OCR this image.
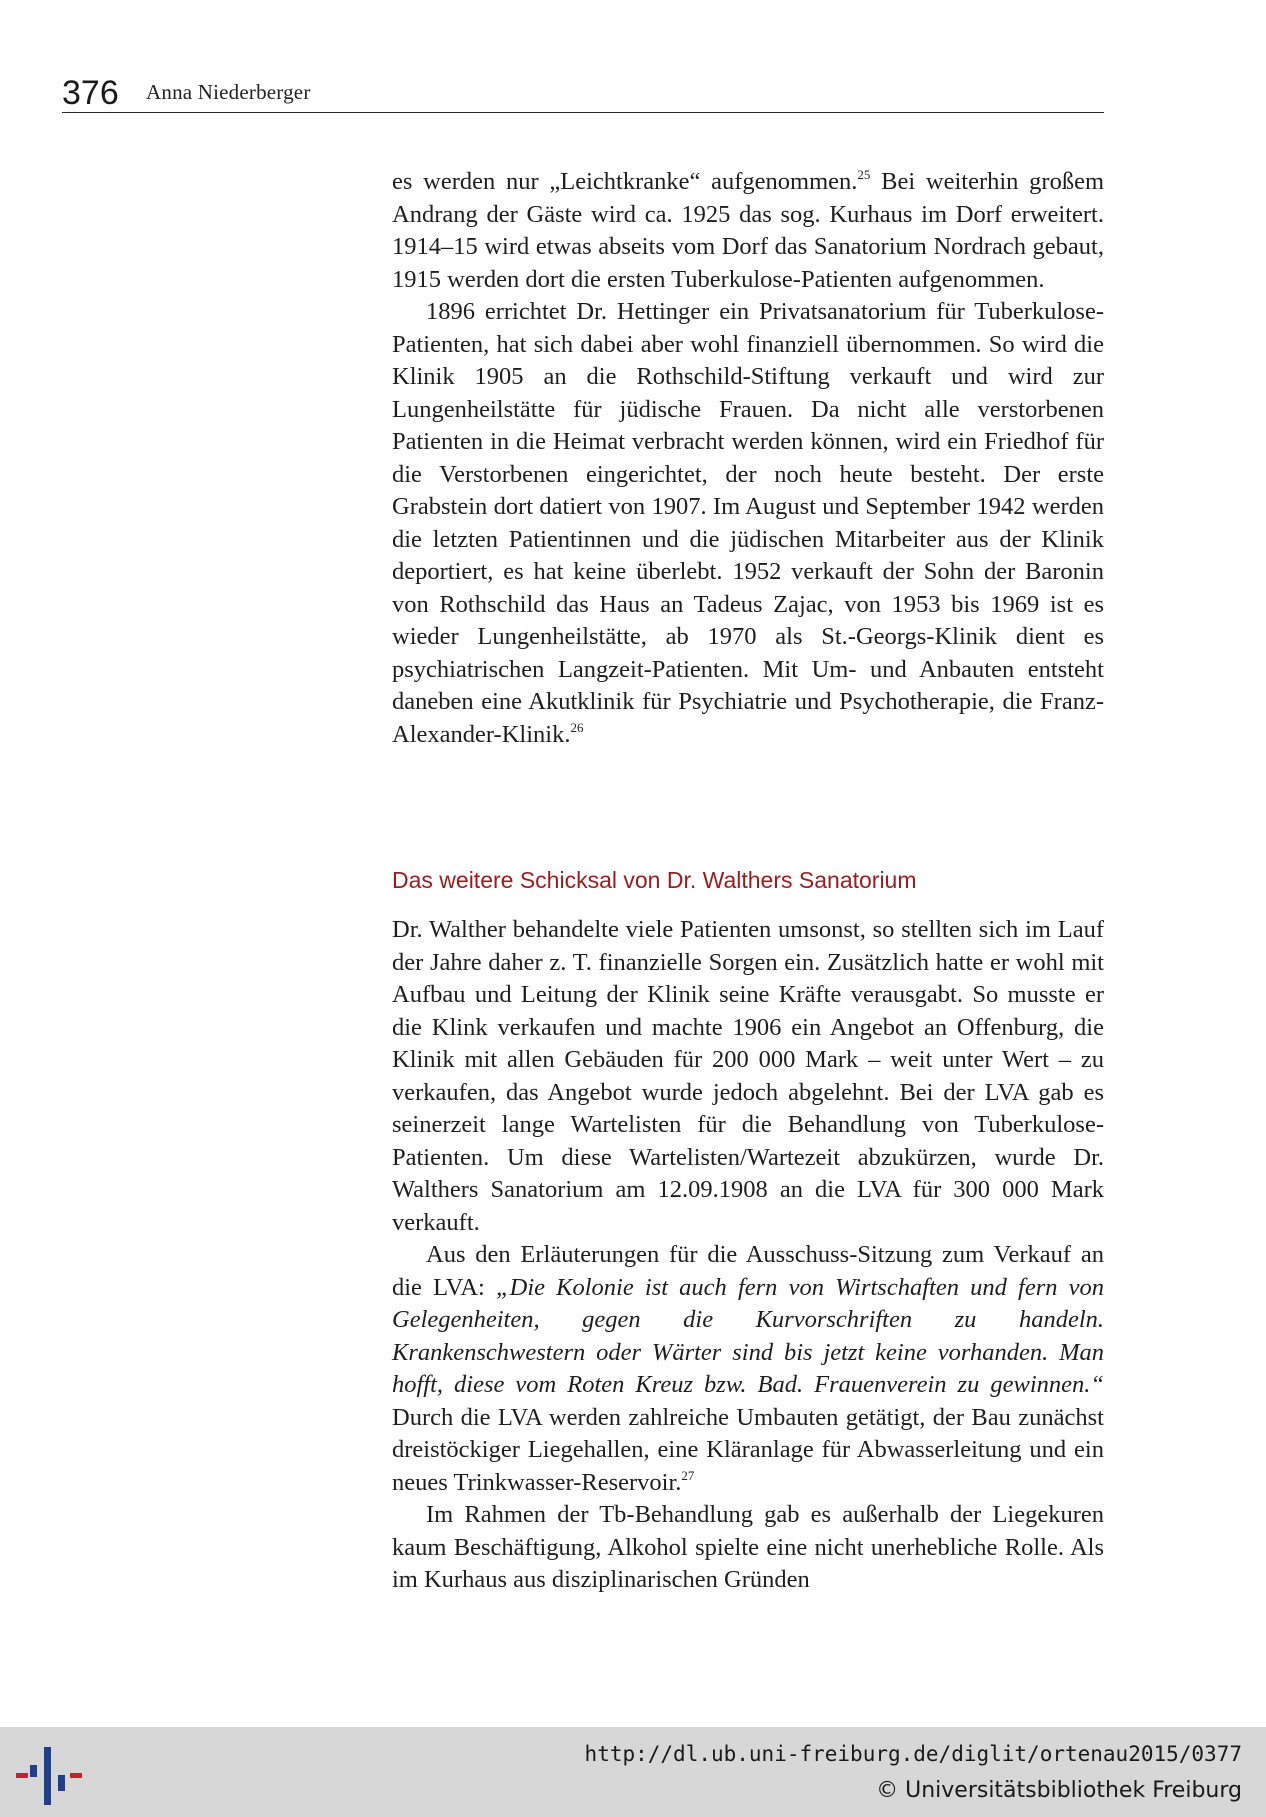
376 Anna Niederberger

es werden nur „Leichtkranke“ aufgenommen.$^{25}$ Bei weiterhin großem Andrang der Gäste wird ca. 1925 das sog. Kurhaus im Dorf erweitert. 1914–15 wird etwas abseits vom Dorf das Sanatorium Nordrach gebaut, 1915 werden dort die ersten Tuberkulose-Patienten aufgenommen.

1896 errichtet Dr. Hettinger ein Privatsanatorium für Tuberkulose-Patienten, hat sich dabei aber wohl finanziell übernommen. So wird die Klinik 1905 an die Rothschild-Stiftung verkauft und wird zur Lungenheilstätte für jüdische Frauen. Da nicht alle verstorbenen Patienten in die Heimat verbracht werden können, wird ein Friedhof für die Verstorbenen eingerichtet, der noch heute besteht. Der erste Grabstein dort datiert von 1907. Im August und September 1942 werden die letzten Patientinnen und die jüdischen Mitarbeiter aus der Klinik deportiert, es hat keine überlebt. 1952 verkauft der Sohn der Baronin von Rothschild das Haus an Tadeus Zajac, von 1953 bis 1969 ist es wieder Lungenheilstätte, ab 1970 als St.-Georgs-Klinik dient es psychiatrischen Langzeit-Patienten. Mit Um- und Anbauten entsteht daneben eine Akutklinik für Psychiatrie und Psychotherapie, die Franz-Alexander-Klinik.$^{26}$

Das weitere Schicksal von Dr. Walthers Sanatorium

Dr. Walther behandelte viele Patienten umsonst, so stellten sich im Lauf der Jahre daher z. T. finanzielle Sorgen ein. Zusätzlich hatte er wohl mit Aufbau und Leitung der Klinik seine Kräfte verausgabt. So musste er die Klink verkaufen und machte 1906 ein Angebot an Offenburg, die Klinik mit allen Gebäuden für 200 000 Mark – weit unter Wert – zu verkaufen, das Angebot wurde jedoch abgelehnt. Bei der LVA gab es seinerzeit lange Wartelisten für die Behandlung von Tuberkulose-Patienten. Um diese Wartelisten/Wartezeit abzukürzen, wurde Dr. Walthers Sanatorium am 12.09.1908 an die LVA für 300 000 Mark verkauft.

Aus den Erläuterungen für die Ausschuss-Sitzung zum Verkauf an die LVA: „Die Kolonie ist auch fern von Wirtschaften und fern von Gelegenheiten, gegen die Kurvorschriften zu handeln. Krankenschwestern oder Wärter sind bis jetzt keine vorhanden. Man hofft, diese vom Roten Kreuz bzw. Bad. Frauenverein zu gewinnen.“ Durch die LVA werden zahlreiche Umbauten getätigt, der Bau zunächst dreistöckiger Liegehallen, eine Kläranlage für Abwasserleitung und ein neues Trinkwasser-Reservoir.$^{27}$

Im Rahmen der Tb-Behandlung gab es außerhalb der Liegekuren kaum Beschäftigung, Alkohol spielte eine nicht unerhebliche Rolle. Als im Kurhaus aus disziplinarischen Gründen

http://dl.ub.uni-freiburg.de/diglit/ortenau2015/0377
© Universitätsbibliothek Freiburg
